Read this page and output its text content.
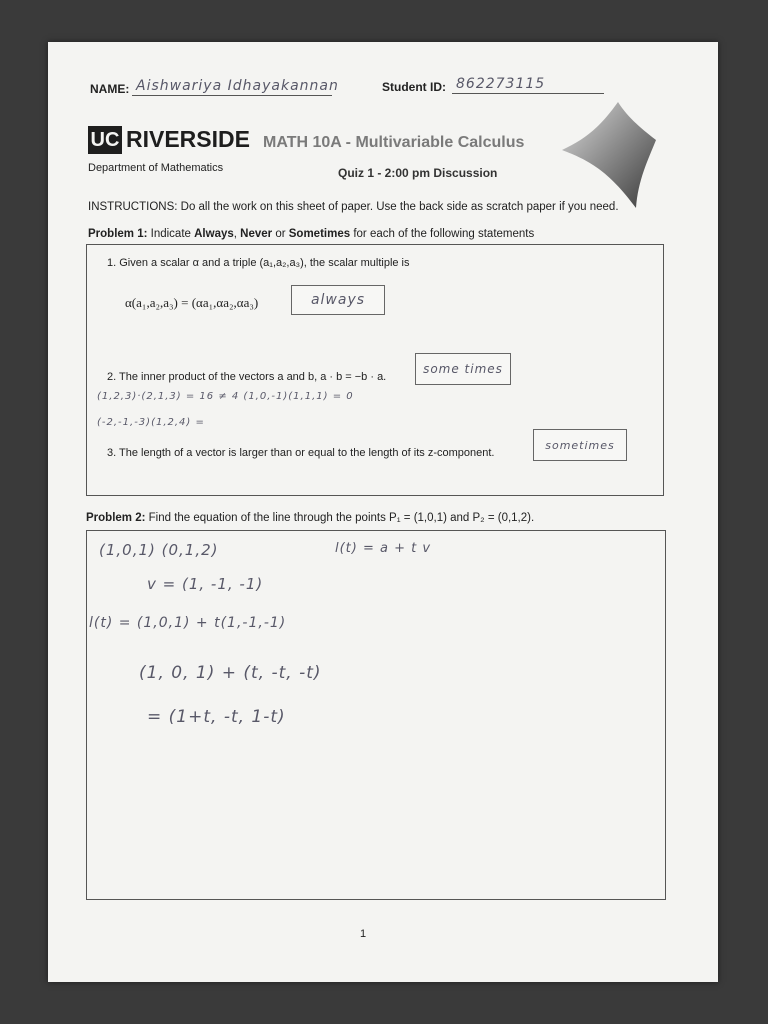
NAME: Aishwariya Idhayakannan	Student ID: 862273115
UC RIVERSIDE
Department of Mathematics
MATH 10A - Multivariable Calculus
Quiz 1 - 2:00 pm Discussion
INSTRUCTIONS: Do all the work on this sheet of paper. Use the back side as scratch paper if you need.
Problem 1: Indicate Always, Never or Sometimes for each of the following statements
1. Given a scalar α and a triple (a₁,a₂,a₃), the scalar multiple is
α(a₁,a₂,a₃) = (αa₁,αa₂,αa₃)	always
2. The inner product of the vectors a and b, a · b = −b · a.
some times
(1,2,3)·(2,1,3) = 16 ≠ 4 (1,0,-1)(1,1,1) = 0
(-2,-1,-3)(1,2,4) =
3. The length of a vector is larger than or equal to the length of its z-component.
sometimes
Problem 2: Find the equation of the line through the points P₁ = (1,0,1) and P₂ = (0,1,2).
(1,0,1) (0,1,2)	l(t) = a + t v
v = (1, -1, -1)
l(t) = (1,0,1) + t(1,-1,-1)
(1, 0, 1) + (t, -t, -t)
= (1+t, -t, 1-t)
1
